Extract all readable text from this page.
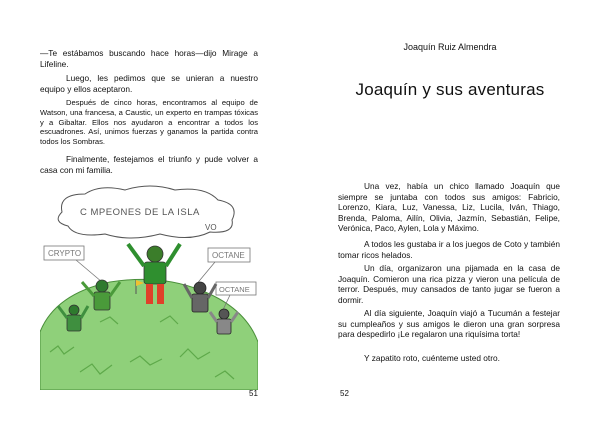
—Te estábamos buscando hace horas—dijo Mirage a Lifeline.

Luego, les pedimos que se unieran a nuestro equipo y ellos aceptaron.

Después de cinco horas, encontramos al equipo de Watson, una francesa, a Caustic, un experto en trampas tóxicas y a Gibaltar. Ellos nos ayudaron a encontrar a todos los escuadrones. Así, unimos fuerzas y ganamos la partida contra todos los Sombras.

Finalmente, festejamos el triunfo y pude volver a casa con mi familia.

C MPEONES DE LA ISLA
VO
CRYPTO	OCTANE
OCTANE
51
Joaquín Ruiz Almendra
Joaquín y sus aventuras

Una vez, había un chico llamado Joaquín que siempre se juntaba con todos sus amigos: Fabricio, Lorenzo, Kiara, Luz, Vanessa, Liz, Lucila, Iván, Thiago, Brenda, Paloma, Ailín, Olivia, Jazmín, Sebastián, Felipe, Verónica, Paco, Aylen, Lola y Máximo.

A todos les gustaba ir a los juegos de Coto y también tomar ricos helados.

Un día, organizaron una pijamada en la casa de Joaquín. Comieron una rica pizza y vieron una película de terror. Después, muy cansados de tanto jugar se fueron a dormir.

Al día siguiente, Joaquín viajó a Tucumán a festejar su cumpleaños y sus amigos le dieron una gran sorpresa para despedirlo ¡Le regalaron una riquísima torta!

Y zapatito roto, cuénteme usted otro.

52
